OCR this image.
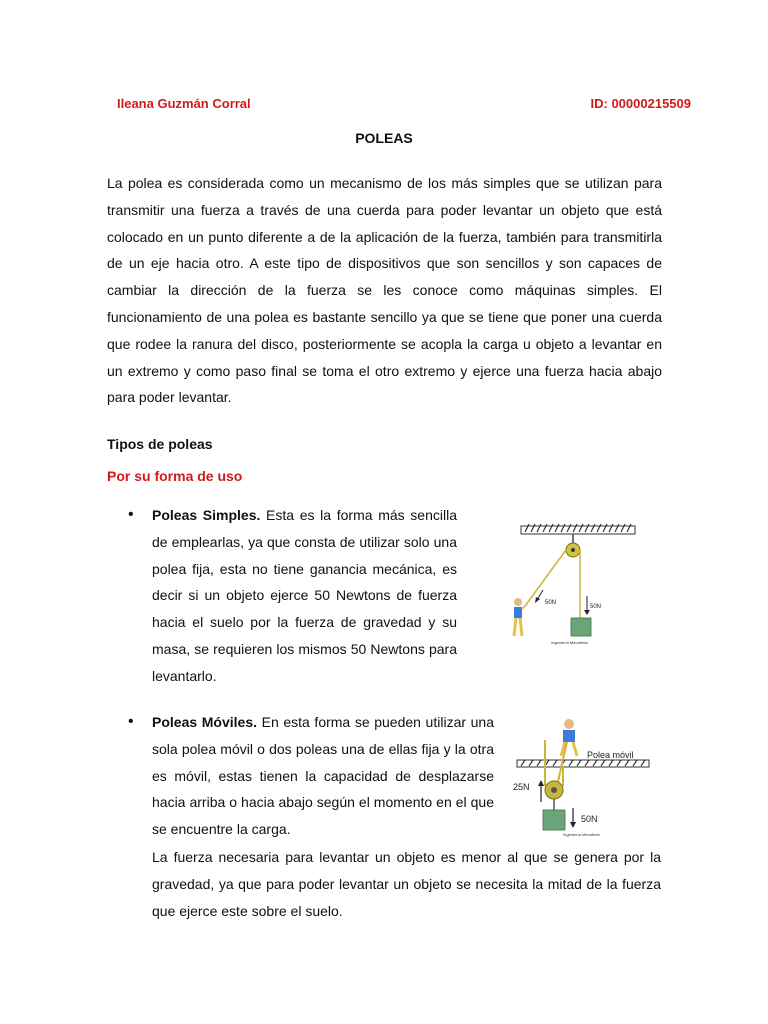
Ileana Guzmán Corral	ID: 00000215509
POLEAS

La polea es considerada como un mecanismo de los más simples que se utilizan para transmitir una fuerza a través de una cuerda para poder levantar un objeto que está colocado en un punto diferente a de la aplicación de la fuerza, también para transmitirla de un eje hacia otro. A este tipo de dispositivos que son sencillos y son capaces de cambiar la dirección de la fuerza se les conoce como máquinas simples. El funcionamiento de una polea es bastante sencillo ya que se tiene que poner una cuerda que rodee la ranura del disco, posteriormente se acopla la carga u objeto a levantar en un extremo y como paso final se toma el otro extremo y ejerce una fuerza hacia abajo para poder levantar.

Tipos de poleas
Por su forma de uso
• Poleas Simples. Esta es la forma más sencilla de emplearlas, ya que consta de utilizar solo una polea fija, esta no tiene ganancia mecánica, es decir si un objeto ejerce 50 Newtons de fuerza hacia el suelo por la fuerza de gravedad y su masa, se requieren los mismos 50 Newtons para levantarlo.

50N
50N
Ingeniería Mecafenix
• Poleas Móviles. En esta forma se pueden utilizar una sola polea móvil o dos poleas una de ellas fija y la otra es móvil, estas tienen la capacidad de desplazarse hacia arriba o hacia abajo según el momento en el que se encuentre la carga.

La fuerza necesaria para levantar un objeto es menor al que se genera por la gravedad, ya que para poder levantar un objeto se necesita la mitad de la fuerza que ejerce este sobre el suelo.

Polea móvil
25N
50N
Ingeniería Mecafenix
